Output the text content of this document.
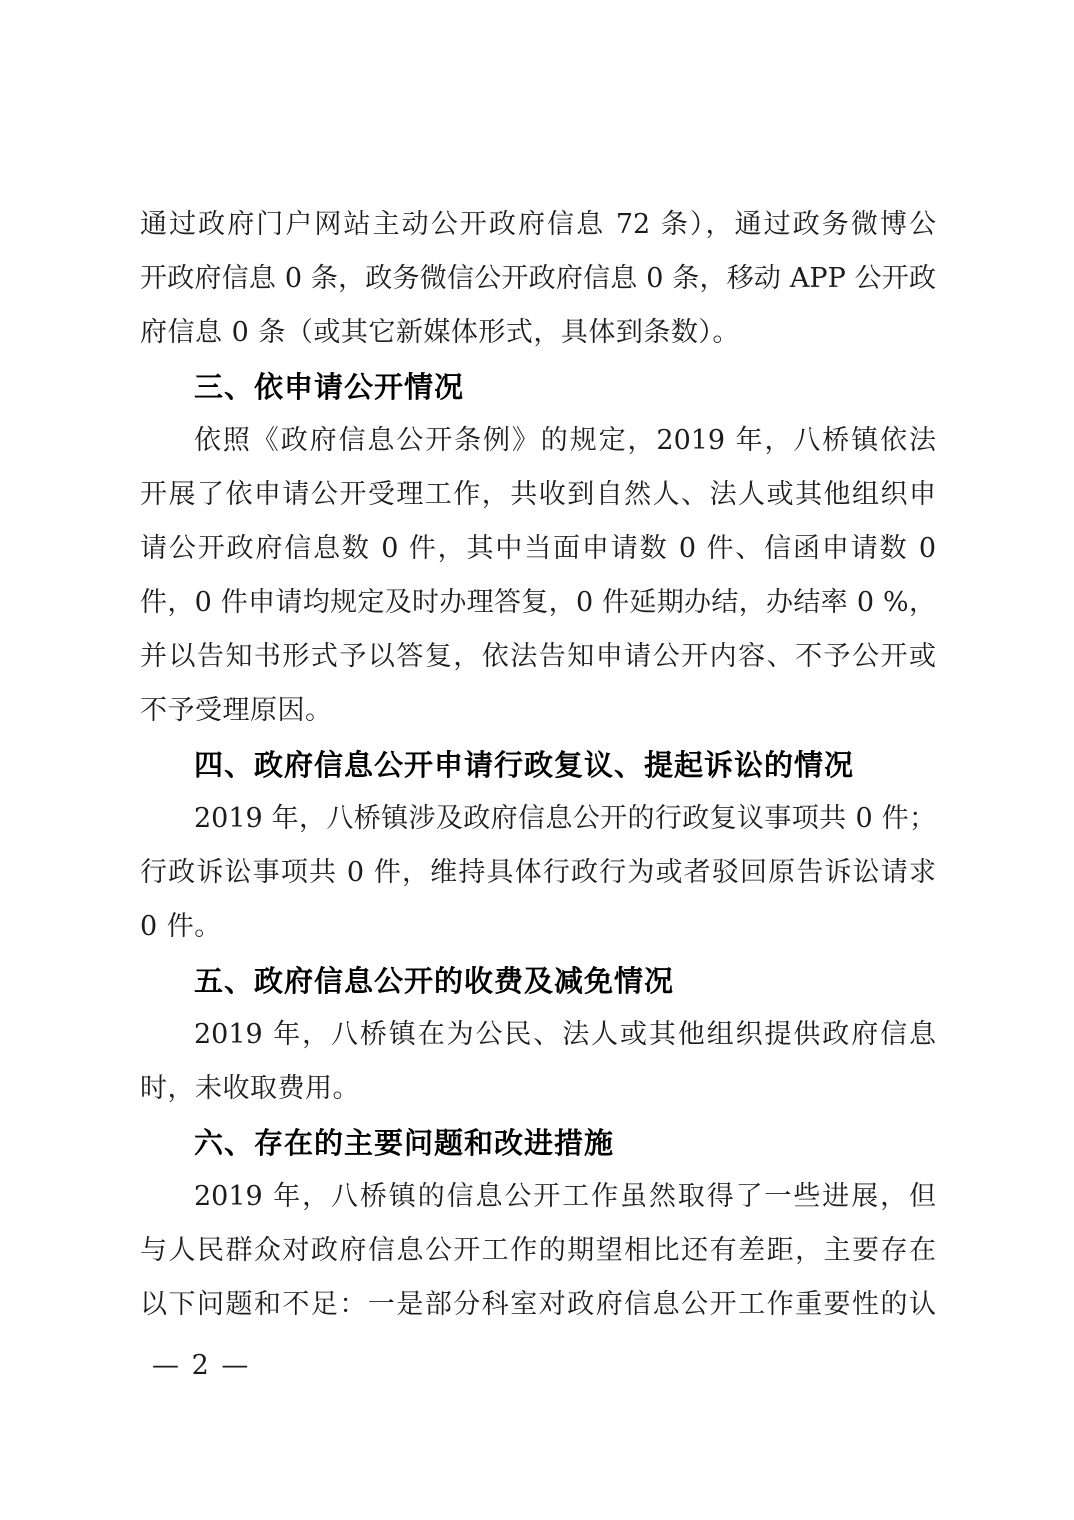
通过政府门户网站主动公开政府信息 72 条），通过政务微博公
开政府信息 0 条，政务微信公开政府信息 0 条，移动 APP 公开政
府信息 0 条（或其它新媒体形式，具体到条数）。
三、依申请公开情况
依照《政府信息公开条例》的规定，2019 年，八桥镇依法
开展了依申请公开受理工作，共收到自然人、法人或其他组织申
请公开政府信息数 0 件，其中当面申请数 0 件、信函申请数 0
件，0 件申请均规定及时办理答复，0 件延期办结，办结率 0 %，
并以告知书形式予以答复，依法告知申请公开内容、不予公开或
不予受理原因。
四、政府信息公开申请行政复议、提起诉讼的情况
2019 年，八桥镇涉及政府信息公开的行政复议事项共 0 件；
行政诉讼事项共 0 件，维持具体行政行为或者驳回原告诉讼请求
0 件。
五、政府信息公开的收费及减免情况
2019 年，八桥镇在为公民、法人或其他组织提供政府信息
时，未收取费用。
六、存在的主要问题和改进措施
2019 年，八桥镇的信息公开工作虽然取得了一些进展，但
与人民群众对政府信息公开工作的期望相比还有差距，主要存在
以下问题和不足：一是部分科室对政府信息公开工作重要性的认
— 2 —
